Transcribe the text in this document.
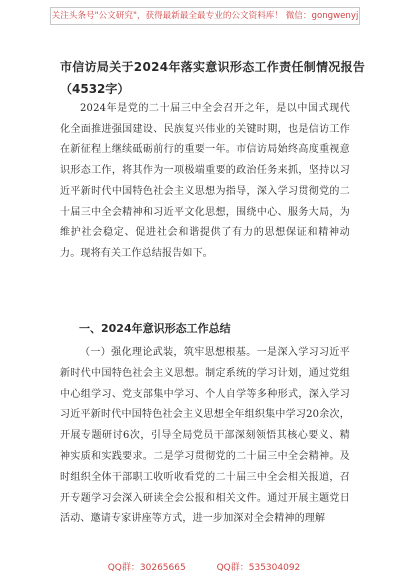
关注头条号"公文研究"，获得最新最全最专业的公文资料库！ 微信：gongwenyj
市信访局关于2024年落实意识形态工作责任制情况报告
（4532字）

2024年是党的二十届三中全会召开之年，是以中国式现代化全面推进强国建设、民族复兴伟业的关键时期，也是信访工作在新征程上继续砥砺前行的重要一年。市信访局始终高度重视意识形态工作，将其作为一项极端重要的政治任务来抓，坚持以习近平新时代中国特色社会主义思想为指导，深入学习贯彻党的二十届三中全会精神和习近平文化思想，围绕中心、服务大局，为维护社会稳定、促进社会和谐提供了有力的思想保证和精神动力。现将有关工作总结报告如下。

一、2024年意识形态工作总结

（一）强化理论武装，筑牢思想根基。一是深入学习习近平新时代中国特色社会主义思想。制定系统的学习计划，通过党组中心组学习、党支部集中学习、个人自学等多种形式，深入学习习近平新时代中国特色社会主义思想全年组织集中学习20余次，开展专题研讨6次，引导全局党员干部深刻领悟其核心要义、精神实质和实践要求。二是学习贯彻党的二十届三中全会精神。及时组织全体干部职工收听收看党的二十届三中全会相关报道，召开专题学习会深入研读全会公报和相关文件。通过开展主题党日活动、邀请专家讲座等方式，进一步加深对全会精神的理解

QQ群：30265665	QQ群：535304092
